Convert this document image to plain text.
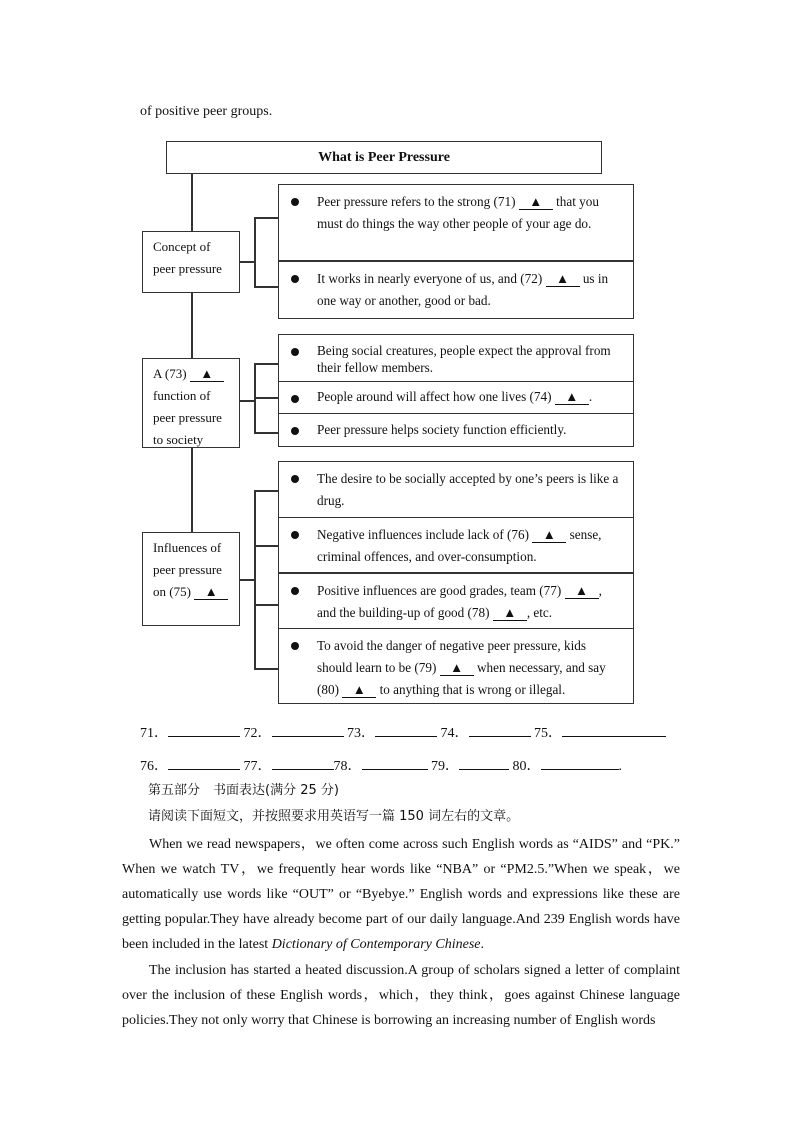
of positive peer groups.
What is Peer Pressure
Concept of peer pressure
A (73) ▲ function of peer pressure to society
Influences of peer pressure on (75) ▲
Peer pressure refers to the strong (71) ▲ that you must do things the way other people of your age do.
It works in nearly everyone of us, and (72) ▲ us in one way or another, good or bad.
Being social creatures, people expect the approval from their fellow members.
People around will affect how one lives (74) ▲ .
Peer pressure helps society function efficiently.
The desire to be socially accepted by one’s peers is like a drug.
Negative influences include lack of (76) ▲ sense, criminal offences, and over-consumption.
Positive influences are good grades, team (77) ▲ , and the building-up of good (78) ▲ , etc.
To avoid the danger of negative peer pressure, kids should learn to be (79) ▲ when necessary, and say (80) ▲ to anything that is wrong or illegal.
71．	72．	73．	74．	75．
76．	77．	78．	79．	80．	.
第五部分　书面表达(满分 25 分)
请阅读下面短文，并按照要求用英语写一篇 150 词左右的文章。
When we read newspapers，we often come across such English words as “AIDS” and “PK.” When we watch TV，we frequently hear words like “NBA” or “PM2.5.”When we speak，we automatically use words like “OUT” or “Byebye.” English words and expressions like these are getting popular.They have already become part of our daily language.And 239 English words have been included in the latest Dictionary of Contemporary Chinese.
The inclusion has started a heated discussion.A group of scholars signed a letter of complaint over the inclusion of these English words，which，they think，goes against Chinese language policies.They not only worry that Chinese is borrowing an increasing number of English words
